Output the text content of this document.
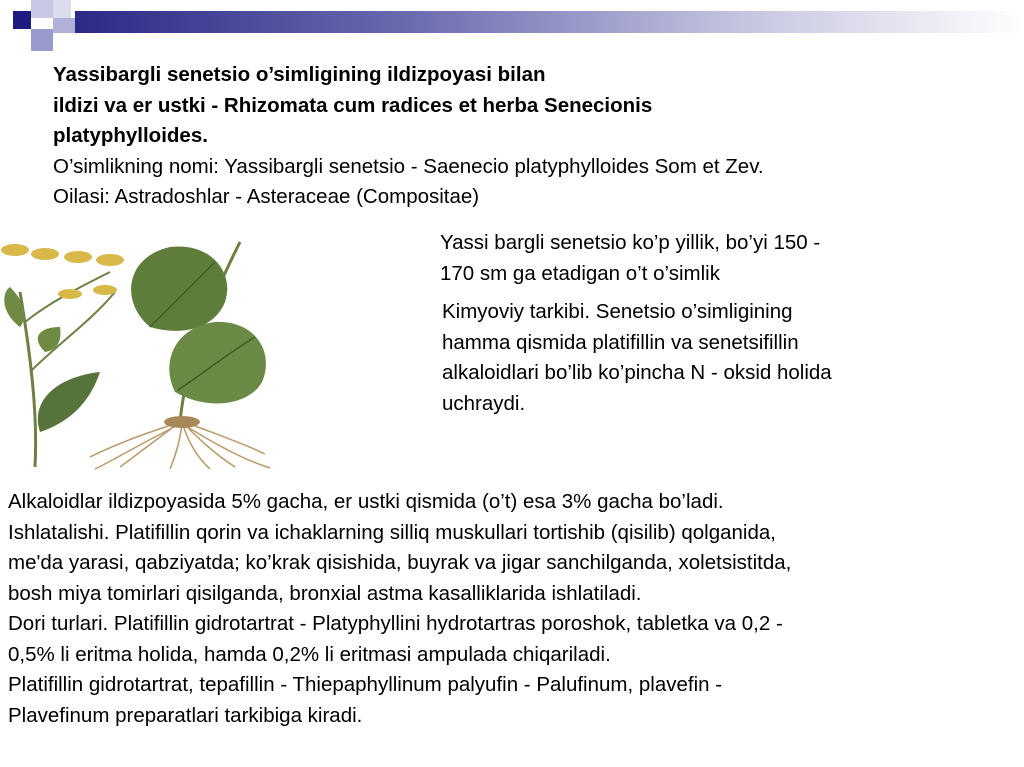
Yassibargli senetsio o’simligining ildizpoyasi bilan
ildizi va er ustki - Rhizomata cum radices et herba Senecionis
platyphylloides.
O’simlikning nomi: Yassibargli senetsio - Saenecio platyphylloides Som et Zev.
Oilasi: Astradoshlar - Asteraceae (Compositae)
Yassi bargli senetsio ko’p yillik, bo’yi 150 -
170 sm ga etadigan o’t o’simlik
Kimyoviy tarkibi. Senetsio o’simligining
hamma qismida platifillin va senetsifillin
alkaloidlari bo’lib ko’pincha N - oksid holida
uchraydi.
Alkaloidlar ildizpoyasida 5% gacha, er ustki qismida (o’t) esa 3% gacha bo’ladi.
Ishlatalishi. Platifillin qorin va ichaklarning silliq muskullari tortishib (qisilib) qolganida,
me'da yarasi, qabziyatda; ko’krak qisishida, buyrak va jigar sanchilganda, xoletsistitda,
bosh miya tomirlari qisilganda, bronxial astma kasalliklarida ishlatiladi.
Dori turlari. Platifillin gidrotartrat - Platyphyllini hydrotartras poroshok, tabletka va 0,2 -
0,5% li eritma holida, hamda 0,2% li eritmasi ampulada chiqariladi.
Platifillin gidrotartrat, tepafillin - Thiepaphyllinum palyufin - Palufinum, plavefin -
Plavefinum preparatlari tarkibiga kiradi.
